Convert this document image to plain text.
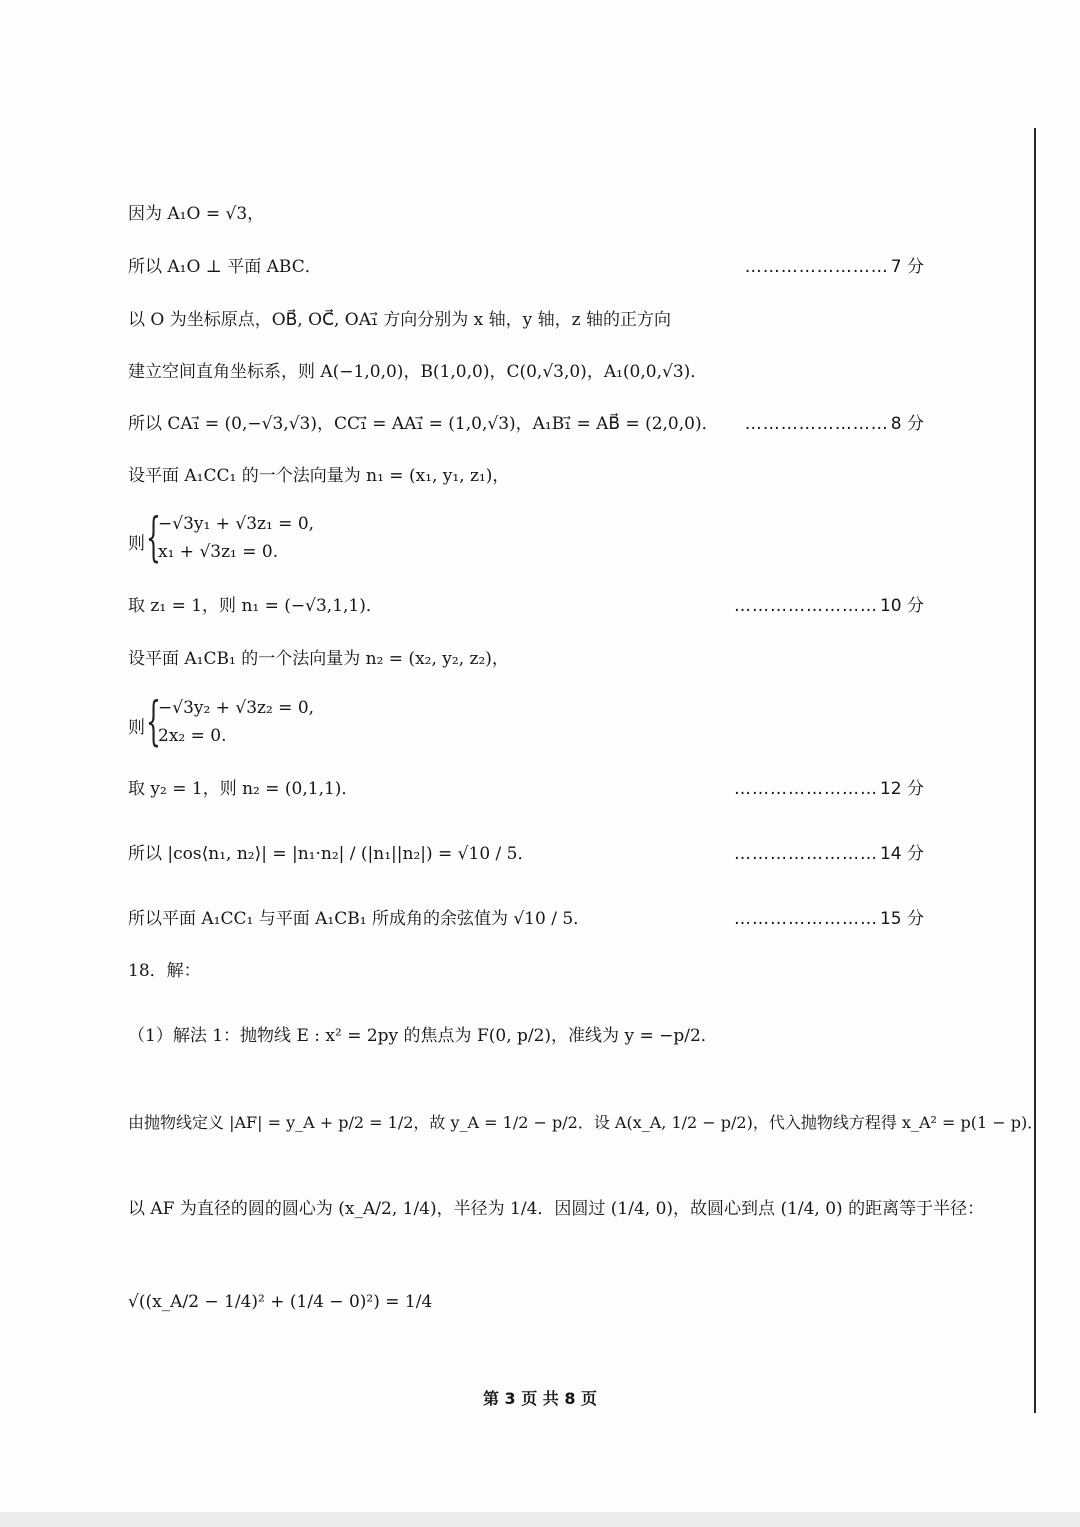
因为 A₁O = √3，
所以 A₁O ⊥ 平面 ABC．	…………………… 7 分
以 O 为坐标原点，OB⃗, OC⃗, OA₁⃗ 方向分别为 x 轴，y 轴，z 轴的正方向
建立空间直角坐标系，则 A(−1,0,0)，B(1,0,0)，C(0,√3,0)，A₁(0,0,√3)．
所以 CA₁⃗ = (0,−√3,√3)，CC₁⃗ = AA₁⃗ = (1,0,√3)，A₁B₁⃗ = AB⃗ = (2,0,0)． …………………… 8 分
设平面 A₁CC₁ 的一个法向量为 n₁ = (x₁, y₁, z₁)，
则 {
−√3y₁ + √3z₁ = 0,
x₁ + √3z₁ = 0.
取 z₁ = 1，则 n₁ = (−√3,1,1)．	…………………… 10 分
设平面 A₁CB₁ 的一个法向量为 n₂ = (x₂, y₂, z₂)，
则 {
−√3y₂ + √3z₂ = 0,
2x₂ = 0.
取 y₂ = 1，则 n₂ = (0,1,1)．	…………………… 12 分
所以 |cos⟨n₁, n₂⟩| = |n₁·n₂| / (|n₁||n₂|) = √10 / 5．	…………………… 14 分
所以平面 A₁CC₁ 与平面 A₁CB₁ 所成角的余弦值为 √10 / 5．	…………………… 15 分
18．解：
（1）解法 1：抛物线 E : x² = 2py 的焦点为 F(0, p/2)，准线为 y = −p/2．
由抛物线定义 |AF| = y_A + p/2 = 1/2，故 y_A = 1/2 − p/2．设 A(x_A, 1/2 − p/2)，代入抛物线方程得 x_A² = p(1 − p)．
以 AF 为直径的圆的圆心为 (x_A/2, 1/4)，半径为 1/4．因圆过 (1/4, 0)，故圆心到点 (1/4, 0) 的距离等于半径：
√((x_A/2 − 1/4)² + (1/4 − 0)²) = 1/4
第 3 页 共 8 页
